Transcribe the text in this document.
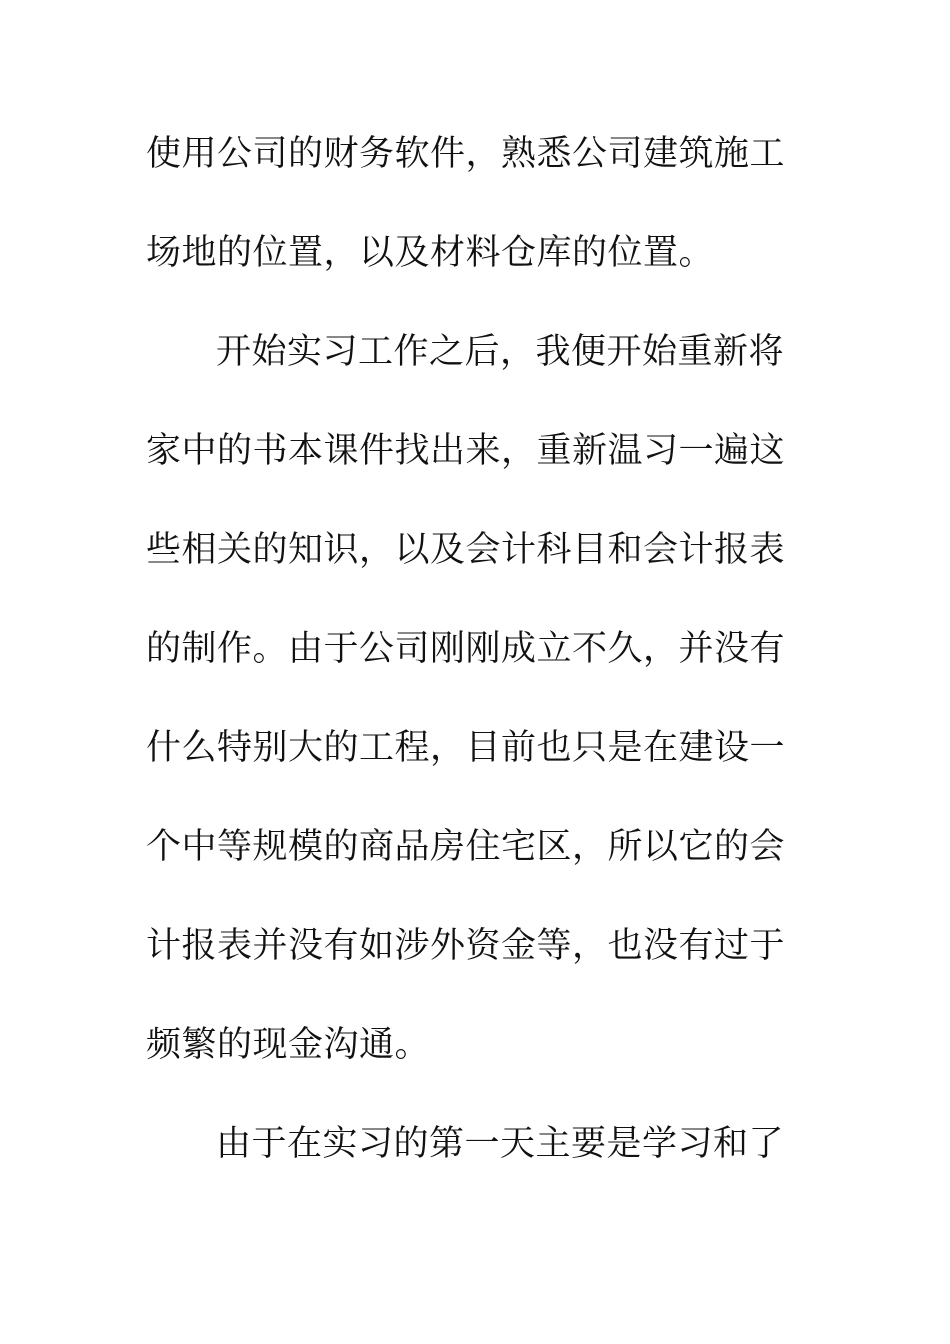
使用公司的财务软件，熟悉公司建筑施工
场地的位置，以及材料仓库的位置。
开始实习工作之后，我便开始重新将
家中的书本课件找出来，重新温习一遍这
些相关的知识，以及会计科目和会计报表
的制作。由于公司刚刚成立不久，并没有
什么特别大的工程，目前也只是在建设一
个中等规模的商品房住宅区，所以它的会
计报表并没有如涉外资金等，也没有过于
频繁的现金沟通。
由于在实习的第一天主要是学习和了
